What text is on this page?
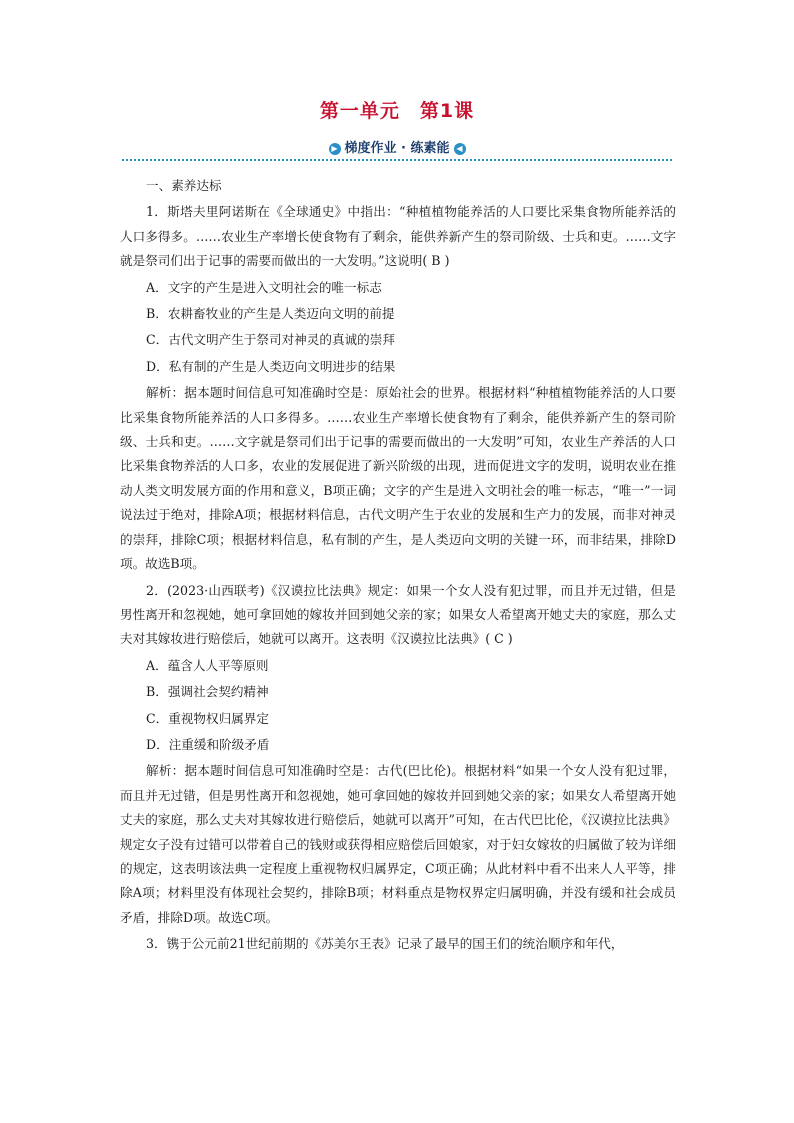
第一单元　第1课
▶ 梯度作业 · 练素能 ◀

一、素养达标

1．斯塔夫里阿诺斯在《全球通史》中指出：“种植植物能养活的人口要比采集食物所能养活的人口多得多。……农业生产率增长使食物有了剩余，能供养新产生的祭司阶级、士兵和吏。……文字就是祭司们出于记事的需要而做出的一大发明。”这说明( B )

A．文字的产生是进入文明社会的唯一标志

B．农耕畜牧业的产生是人类迈向文明的前提

C．古代文明产生于祭司对神灵的真诚的崇拜

D．私有制的产生是人类迈向文明进步的结果

解析：据本题时间信息可知准确时空是：原始社会的世界。根据材料“种植植物能养活的人口要比采集食物所能养活的人口多得多。……农业生产率增长使食物有了剩余，能供养新产生的祭司阶级、士兵和吏。……文字就是祭司们出于记事的需要而做出的一大发明”可知，农业生产养活的人口比采集食物养活的人口多，农业的发展促进了新兴阶级的出现，进而促进文字的发明，说明农业在推动人类文明发展方面的作用和意义，B项正确；文字的产生是进入文明社会的唯一标志，“唯一”一词说法过于绝对，排除A项；根据材料信息，古代文明产生于农业的发展和生产力的发展，而非对神灵的崇拜，排除C项；根据材料信息，私有制的产生，是人类迈向文明的关键一环，而非结果，排除D项。故选B项。

2．(2023·山西联考)《汉谟拉比法典》规定：如果一个女人没有犯过罪，而且并无过错，但是男性离开和忽视她，她可拿回她的嫁妆并回到她父亲的家；如果女人希望离开她丈夫的家庭，那么丈夫对其嫁妆进行赔偿后，她就可以离开。这表明《汉谟拉比法典》( C )

A．蕴含人人平等原则

B．强调社会契约精神

C．重视物权归属界定

D．注重缓和阶级矛盾

解析：据本题时间信息可知准确时空是：古代(巴比伦)。根据材料“如果一个女人没有犯过罪，而且并无过错，但是男性离开和忽视她，她可拿回她的嫁妆并回到她父亲的家；如果女人希望离开她丈夫的家庭，那么丈夫对其嫁妆进行赔偿后，她就可以离开”可知，在古代巴比伦，《汉谟拉比法典》规定女子没有过错可以带着自己的钱财或获得相应赔偿后回娘家，对于妇女嫁妆的归属做了较为详细的规定，这表明该法典一定程度上重视物权归属界定，C项正确；从此材料中看不出来人人平等，排除A项；材料里没有体现社会契约，排除B项；材料重点是物权界定归属明确，并没有缓和社会成员矛盾，排除D项。故选C项。

3．镌于公元前21世纪前期的《苏美尔王表》记录了最早的国王们的统治顺序和年代，
